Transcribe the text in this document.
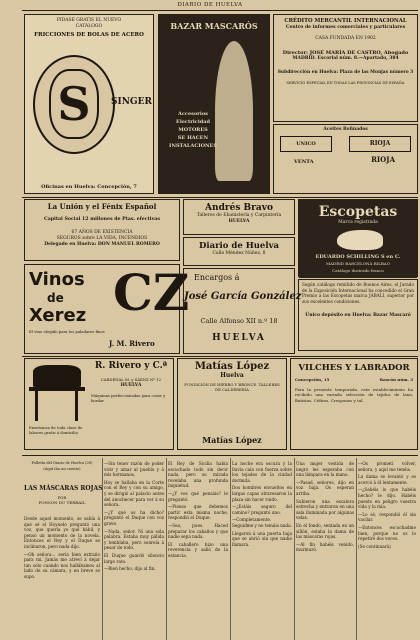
DIARIO DE HUELVA
PIDASE GRATIS EL NUEVO
CATÁLOGO
FRICCIONES DE BOLAS DE ACERO
S	SINGER
Oficinas en Huelva: Concepción, 7
BAZAR MASCARÓS
Accesorios
Electricidad
MOTORES
SE HACEN
INSTALACIONES
CRÉDITO MERCANTIL INTERNACIONAL
Centro de informes comerciales y particulares
CASA FUNDADA EN 1902
Director: JOSÉ MARÍA DE CASTRO, Abogado
MADRID. Escorial núm. 8.—Apartado, 384
Subdirección en Huelva: Plaza de las Monjas número 3
SERVICIO ESPECIAL EN TODAS LAS PROVINCIAS DE ESPAÑA
Aceites Refinados
UNICO	RIOJA
VENTA	RIOJA
La Unión y el Fénix Español
Capital Social 12 millones de Ptas. efectivas
67 AÑOS DE EXISTENCIA
SEGUROS sobre LA VIDA, INCENDIOS
Delegado en Huelva: DON MANUEL ROMERO
Andrés Bravo
Talleres de Ebanistería y Carpintería
HUELVA
Diario de Huelva
Calle Méndez Núñez, 8
Escopetas
Marca registrada
EDUARDO SCHILLING S en C.
MADRID BARCELONA BILBAO
Catálogo ilustrado franco
Según catálogo remitido de Buenos Aires, el Jurado de la Exposición Internacional ha concedido el Gran Premio a las Escopetas marca JABALI, superior por sus excelentes condiciones.
Único depósito en Huelva: Bazar Mascaró
Vinos
de
Xerez
El vino elegido para los paladares finos
CZ
J. M. Rivero
Encargos á
José García González
Calle Alfonso XII n.º 18
HUELVA
R. Rivero y C.ª
CARDENAL M. y SÁENZ Nº 12
HUELVA
Máquinas perfeccionadas para coser y bordar
Enseñanza de toda clase de labores gratis á domicilio
Matías López
Huelva
FUNDICIÓN DE HIERRO Y BRONCE. TALLERES DE CALDERERÍA
Matías López
VILCHES Y LABRADOR
Concepción, 15	Rascón núm. 3
Para la presente temporada, este establecimiento ha recibido una variada selección de tejidos de lana, Batistas, Céfiros, Crespones y tul.
Folletín del Diario de Huelva (28)
(Aquí iba un cuento)
LAS MÁSCARAS ROJAS
POR
PONSON DU TERRAIL

Desde aquel momento, se sabía á qué sé el Hoyuelo preguntó una voz, que quería yo qué hábil, y pensó un momento de la novela. Entonces el Rey y el Duque se inclinaron, pero nada dijo.

—Oh señora... sería bien extraño para mí. Jamás me atreví á dejar tan solo cuando nos hallábamos al lado de su cámara, y en breve se supo.

—Sin tener razón de poder vivir y amar al pueblo y á mis hermanos.

Hoy se hallaba en la Corte con el Rey y con su amigo, y se dirigió al palacio antes del anochecer para ver á su señora.

—¿Y qué os ha dicho? preguntó el Duque con voz grave.

—Nada, señor. Ni una sola palabra. Estaba muy pálida y temblaba, pero sonreía á pesar de todo.

El Duque guardó silencio largo rato.

—Bien hecho, dijo al fin.

El Rey de Sicilia había escuchado todo sin decir nada, pero su mirada revelaba una profunda inquietud.

—¿Y vos qué pensáis? le preguntó.

—Pienso que debemos partir esta misma noche, respondió el Duque.

—Sea, pues. Haced preparar los caballos y que nadie sepa nada.

El caballero hizo una reverencia y salió de la estancia.

La noche era oscura y la lluvia caía con fuerza sobre los tejados de la ciudad dormida.

Dos hombres envueltos en largas capas atravesaron la plaza sin hacer ruido.

—¿Estáis seguro del camino? preguntó uno.

—Completamente. Seguidme y no temáis nada.

Llegaron á una puerta baja que se abrió sin que nadie llamara.

Una mujer vestida de negro les esperaba con una lámpara en la mano.

—Pasad, señores, dijo en voz baja. Os esperan arriba.

Subieron una escalera estrecha y entraron en una sala iluminada por algunas velas.

En el fondo, sentada en un sillón, estaba la dama de las máscaras rojas.

—Al fin habéis venido, murmuró.

—Os prometí volver, señora, y aquí me tenéis.

La dama se levantó y se acercó á él lentamente.

—¿Sabéis lo que habéis hecho? le dijo. Habéis puesto en peligro vuestra vida y la mía.

—Lo sé, respondió él sin vacilar.

—Entonces escuchadme bien, porque no os lo repetiré dos veces.

(Se continuará)
